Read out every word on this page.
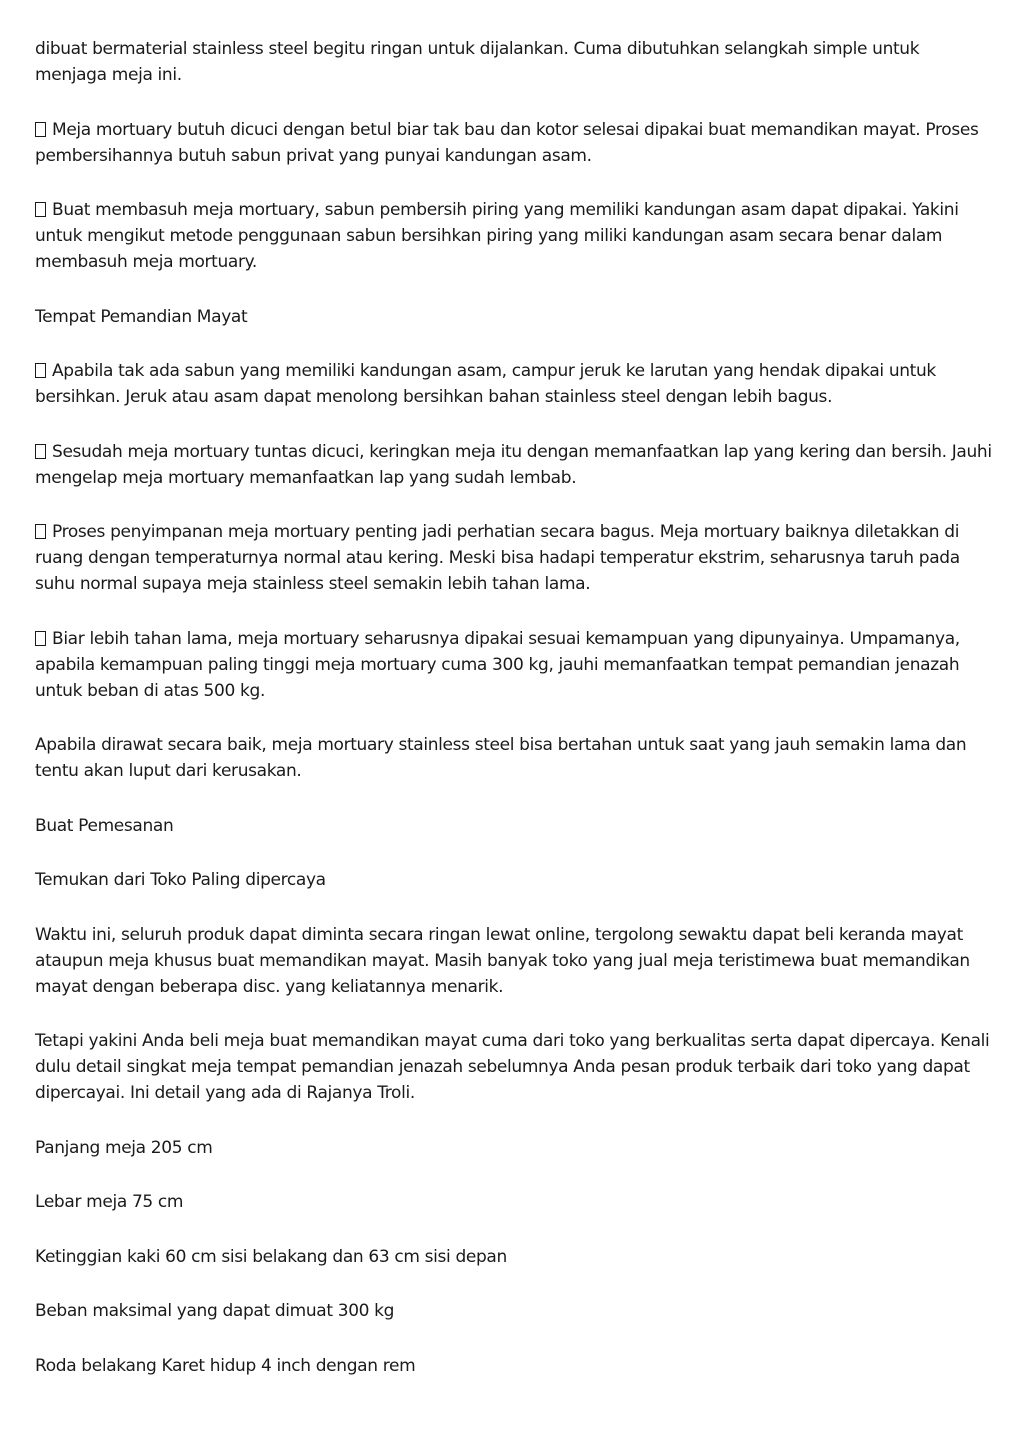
dibuat bermaterial stainless steel begitu ringan untuk dijalankan. Cuma dibutuhkan selangkah simple untuk menjaga meja ini.

Meja mortuary butuh dicuci dengan betul biar tak bau dan kotor selesai dipakai buat memandikan mayat. Proses pembersihannya butuh sabun privat yang punyai kandungan asam.

Buat membasuh meja mortuary, sabun pembersih piring yang memiliki kandungan asam dapat dipakai. Yakini untuk mengikut metode penggunaan sabun bersihkan piring yang miliki kandungan asam secara benar dalam membasuh meja mortuary.

Tempat Pemandian Mayat

Apabila tak ada sabun yang memiliki kandungan asam, campur jeruk ke larutan yang hendak dipakai untuk bersihkan. Jeruk atau asam dapat menolong bersihkan bahan stainless steel dengan lebih bagus.

Sesudah meja mortuary tuntas dicuci, keringkan meja itu dengan memanfaatkan lap yang kering dan bersih. Jauhi mengelap meja mortuary memanfaatkan lap yang sudah lembab.

Proses penyimpanan meja mortuary penting jadi perhatian secara bagus. Meja mortuary baiknya diletakkan di ruang dengan temperaturnya normal atau kering. Meski bisa hadapi temperatur ekstrim, seharusnya taruh pada suhu normal supaya meja stainless steel semakin lebih tahan lama.

Biar lebih tahan lama, meja mortuary seharusnya dipakai sesuai kemampuan yang dipunyainya. Umpamanya, apabila kemampuan paling tinggi meja mortuary cuma 300 kg, jauhi memanfaatkan tempat pemandian jenazah untuk beban di atas 500 kg.

Apabila dirawat secara baik, meja mortuary stainless steel bisa bertahan untuk saat yang jauh semakin lama dan tentu akan luput dari kerusakan.

Buat Pemesanan

Temukan dari Toko Paling dipercaya

Waktu ini, seluruh produk dapat diminta secara ringan lewat online, tergolong sewaktu dapat beli keranda mayat ataupun meja khusus buat memandikan mayat. Masih banyak toko yang jual meja teristimewa buat memandikan mayat dengan beberapa disc. yang keliatannya menarik.

Tetapi yakini Anda beli meja buat memandikan mayat cuma dari toko yang berkualitas serta dapat dipercaya. Kenali dulu detail singkat meja tempat pemandian jenazah sebelumnya Anda pesan produk terbaik dari toko yang dapat dipercayai. Ini detail yang ada di Rajanya Troli.

Panjang meja 205 cm

Lebar meja 75 cm

Ketinggian kaki 60 cm sisi belakang dan 63 cm sisi depan

Beban maksimal yang dapat dimuat 300 kg

Roda belakang Karet hidup 4 inch dengan rem
